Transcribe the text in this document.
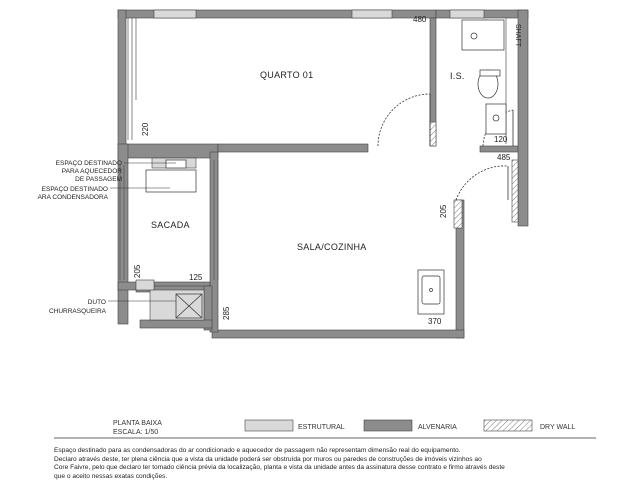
QUARTO 01	I.S.
SHAFT
SACADA
SALA/COZINHA
480
220
120
485
205
205	125
285
370
ESPAÇO DESTINADO
PARA AQUECEDOR
DE PASSAGEM
ESPAÇO DESTINADO
ARA CONDENSADORA
DUTO
CHURRASQUEIRA
PLANTA BAIXA
ESCALA: 1/50
ESTRUTURAL	ALVENARIA	DRY WALL

Espaço destinado para as condensadoras do ar condicionado e aquecedor de passagem não representam dimensão real do equipamento.

Declaro através deste, ter plena ciência que a vista da unidade poderá ser obstruída por muros ou paredes de construções de imóveis vizinhos ao

Core Faivre, pelo que declaro ter tomado ciência prévia da localização, planta e vista da unidade antes da assinatura desse contrato e firmo através deste

que o aceito nessas exatas condições.
